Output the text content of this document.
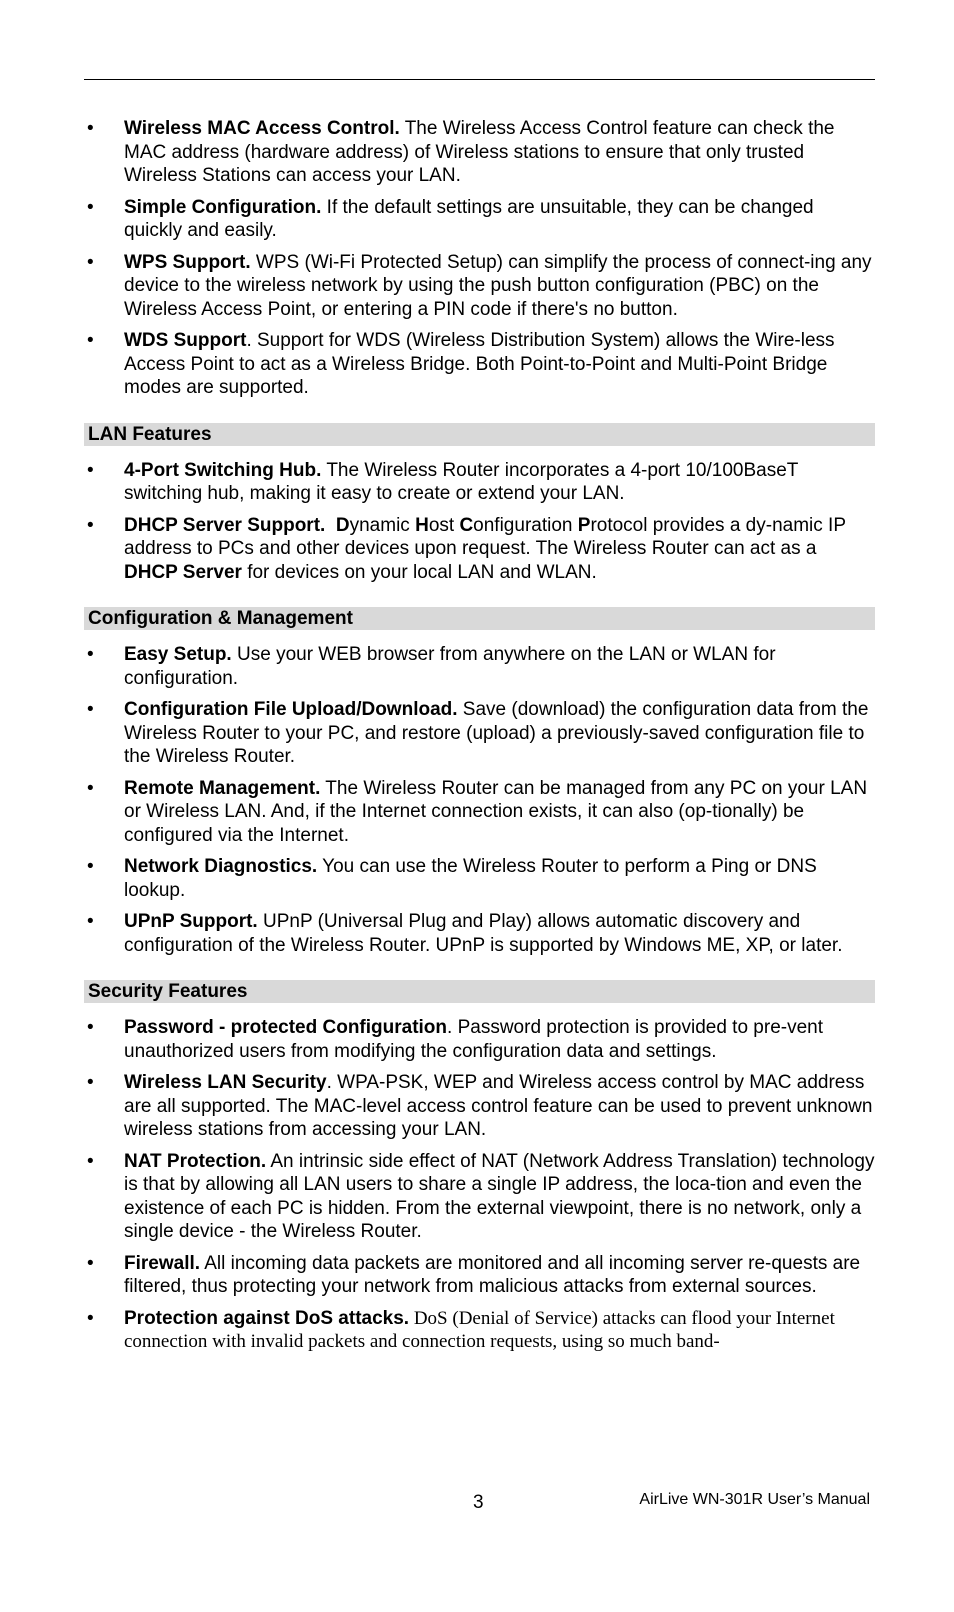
• Wireless MAC Access Control. The Wireless Access Control feature can check the MAC address (hardware address) of Wireless stations to ensure that only trusted Wireless Stations can access your LAN.
• Simple Configuration. If the default settings are unsuitable, they can be changed quickly and easily.
• WPS Support. WPS (Wi-Fi Protected Setup) can simplify the process of connect-ing any device to the wireless network by using the push button configuration (PBC) on the Wireless Access Point, or entering a PIN code if there's no button.
• WDS Support. Support for WDS (Wireless Distribution System) allows the Wire-less Access Point to act as a Wireless Bridge. Both Point-to-Point and Multi-Point Bridge modes are supported.
LAN Features
• 4-Port Switching Hub. The Wireless Router incorporates a 4-port 10/100BaseT switching hub, making it easy to create or extend your LAN.
• DHCP Server Support. Dynamic Host Configuration Protocol provides a dy-namic IP address to PCs and other devices upon request. The Wireless Router can act as a DHCP Server for devices on your local LAN and WLAN.
Configuration & Management
• Easy Setup. Use your WEB browser from anywhere on the LAN or WLAN for configuration.
• Configuration File Upload/Download. Save (download) the configuration data from the Wireless Router to your PC, and restore (upload) a previously-saved configuration file to the Wireless Router.
• Remote Management. The Wireless Router can be managed from any PC on your LAN or Wireless LAN. And, if the Internet connection exists, it can also (op-tionally) be configured via the Internet.
• Network Diagnostics. You can use the Wireless Router to perform a Ping or DNS lookup.
• UPnP Support. UPnP (Universal Plug and Play) allows automatic discovery and configuration of the Wireless Router. UPnP is supported by Windows ME, XP, or later.
Security Features
• Password - protected Configuration. Password protection is provided to pre-vent unauthorized users from modifying the configuration data and settings.
• Wireless LAN Security. WPA-PSK, WEP and Wireless access control by MAC address are all supported. The MAC-level access control feature can be used to prevent unknown wireless stations from accessing your LAN.
• NAT Protection. An intrinsic side effect of NAT (Network Address Translation) technology is that by allowing all LAN users to share a single IP address, the loca-tion and even the existence of each PC is hidden. From the external viewpoint, there is no network, only a single device - the Wireless Router.
• Firewall. All incoming data packets are monitored and all incoming server re-quests are filtered, thus protecting your network from malicious attacks from external sources.
• Protection against DoS attacks. DoS (Denial of Service) attacks can flood your Internet connection with invalid packets and connection requests, using so much band-
3	AirLive WN-301R User’s Manual
